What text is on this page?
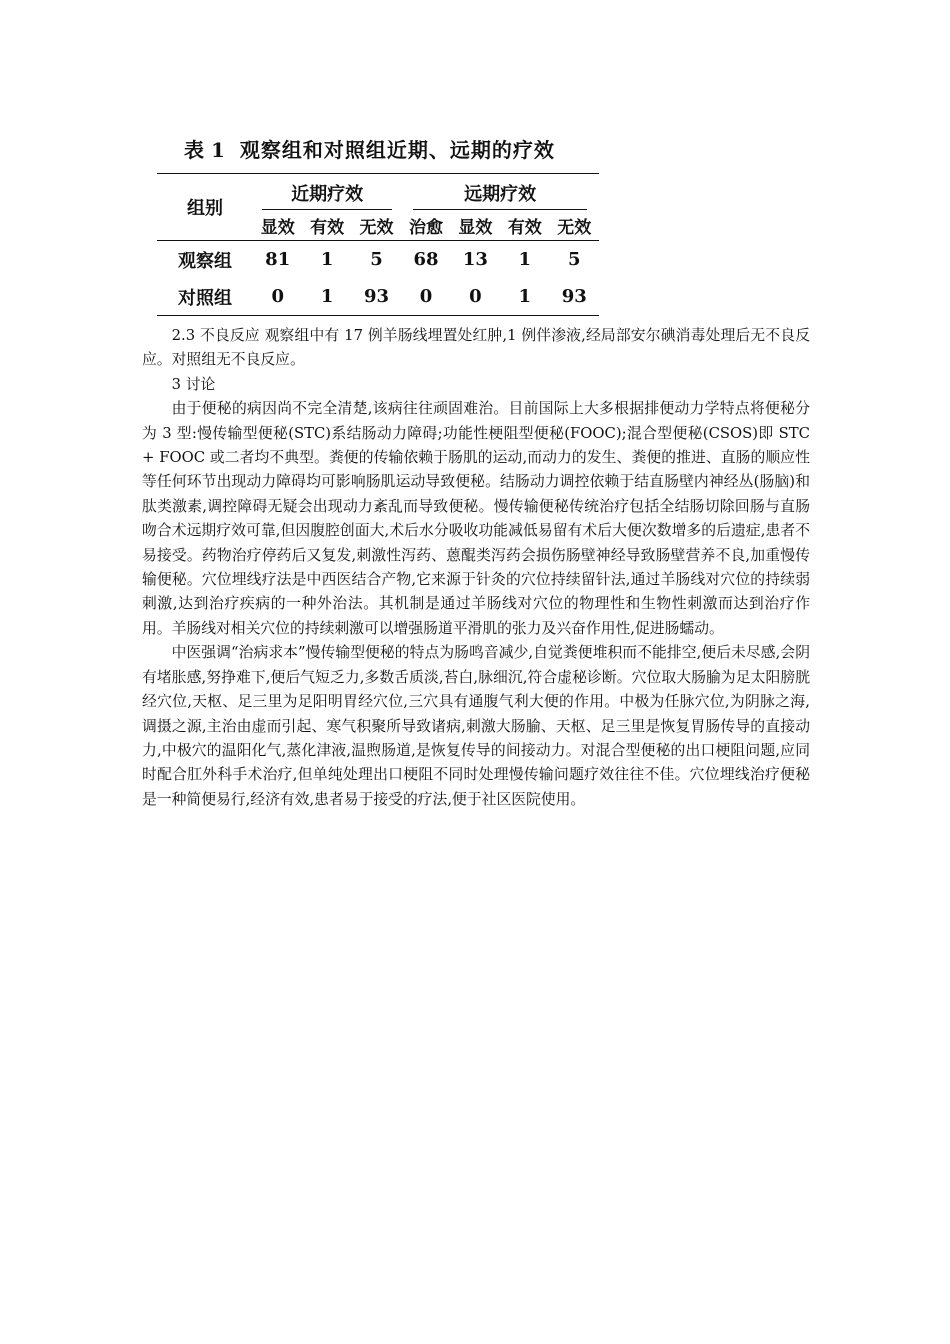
表 1 观察组和对照组近期、远期的疗效
组别	近期疗效			远期疗效			
	显效	有效	无效	治愈	显效	有效	无效
观察组	81	1	5	68	13	1	5
对照组	0	1	93	0	0	1	93

2.3 不良反应 观察组中有 17 例羊肠线埋置处红肿,1 例伴渗液,经局部安尔碘消毒处理后无不良反应。对照组无不良反应。

3 讨论

由于便秘的病因尚不完全清楚,该病往往顽固难治。目前国际上大多根据排便动力学特点将便秘分为 3 型:慢传输型便秘(STC)系结肠动力障碍;功能性梗阻型便秘(FOOC);混合型便秘(CSOS)即 STC + FOOC 或二者均不典型。粪便的传输依赖于肠肌的运动,而动力的发生、粪便的推进、直肠的顺应性等任何环节出现动力障碍均可影响肠肌运动导致便秘。结肠动力调控依赖于结直肠壁内神经丛(肠脑)和肽类激素,调控障碍无疑会出现动力紊乱而导致便秘。慢传输便秘传统治疗包括全结肠切除回肠与直肠吻合术远期疗效可靠,但因腹腔创面大,术后水分吸收功能减低易留有术后大便次数增多的后遗症,患者不易接受。药物治疗停药后又复发,刺激性泻药、蒽醌类泻药会损伤肠壁神经导致肠壁营养不良,加重慢传输便秘。穴位埋线疗法是中西医结合产物,它来源于针灸的穴位持续留针法,通过羊肠线对穴位的持续弱刺激,达到治疗疾病的一种外治法。其机制是通过羊肠线对穴位的物理性和生物性刺激而达到治疗作用。羊肠线对相关穴位的持续刺激可以增强肠道平滑肌的张力及兴奋作用性,促进肠蠕动。

中医强调“治病求本”慢传输型便秘的特点为肠鸣音减少,自觉粪便堆积而不能排空,便后未尽感,会阴有堵胀感,努挣难下,便后气短乏力,多数舌质淡,苔白,脉细沉,符合虚秘诊断。穴位取大肠腧为足太阳膀胱经穴位,天枢、足三里为足阳明胃经穴位,三穴具有通腹气利大便的作用。中极为任脉穴位,为阴脉之海,调摄之源,主治由虚而引起、寒气积聚所导致诸病,刺激大肠腧、天枢、足三里是恢复胃肠传导的直接动力,中极穴的温阳化气,蒸化津液,温煦肠道,是恢复传导的间接动力。对混合型便秘的出口梗阻问题,应同时配合肛外科手术治疗,但单纯处理出口梗阻不同时处理慢传输问题疗效往往不佳。穴位埋线治疗便秘是一种简便易行,经济有效,患者易于接受的疗法,便于社区医院使用。
